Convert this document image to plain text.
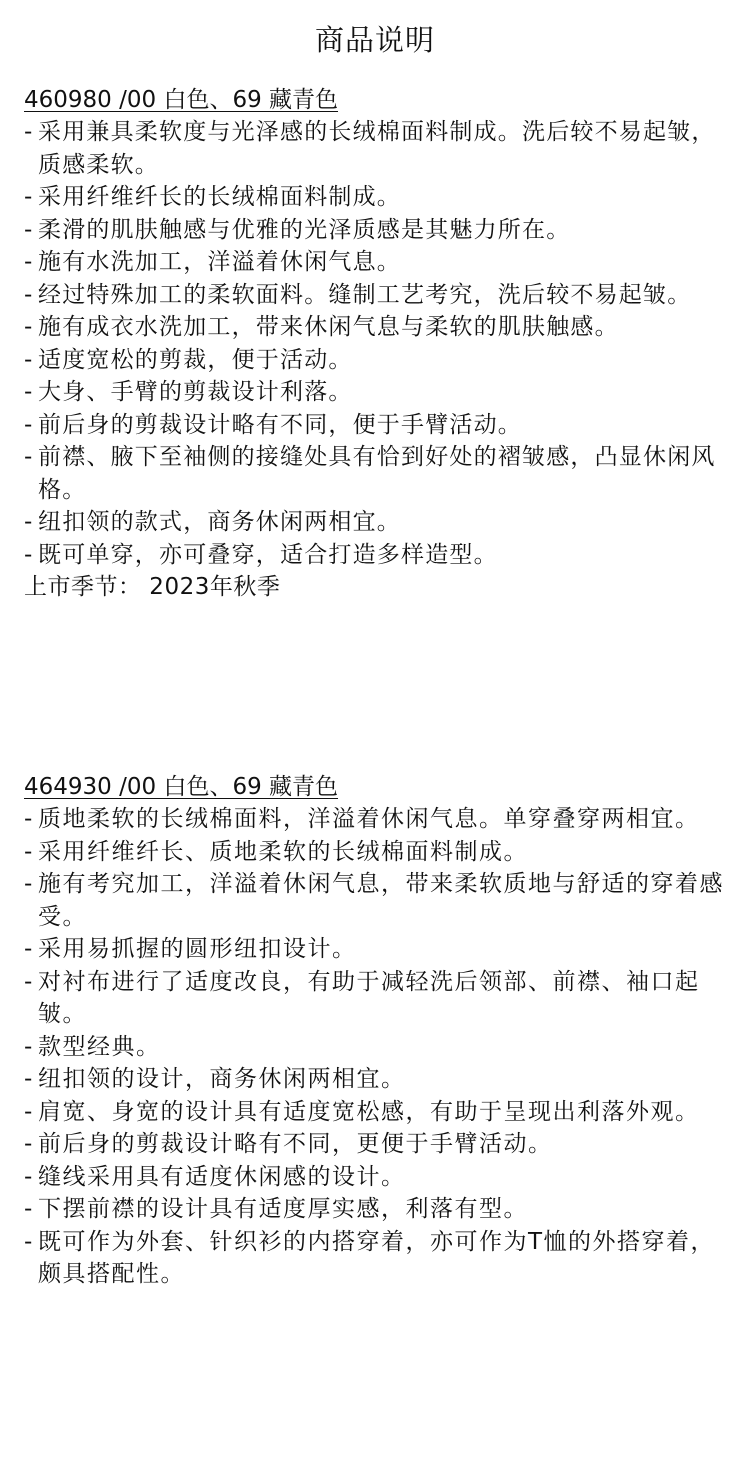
商品说明
460980 /00 白色、69 藏青色
- 采用兼具柔软度与光泽感的长绒棉面料制成。洗后较不易起皱，质感柔软。
- 采用纤维纤长的长绒棉面料制成。
- 柔滑的肌肤触感与优雅的光泽质感是其魅力所在。
- 施有水洗加工，洋溢着休闲气息。
- 经过特殊加工的柔软面料。缝制工艺考究，洗后较不易起皱。
- 施有成衣水洗加工，带来休闲气息与柔软的肌肤触感。
- 适度宽松的剪裁，便于活动。
- 大身、手臂的剪裁设计利落。
- 前后身的剪裁设计略有不同，便于手臂活动。
- 前襟、腋下至袖侧的接缝处具有恰到好处的褶皱感，凸显休闲风格。
- 纽扣领的款式，商务休闲两相宜。
- 既可单穿，亦可叠穿，适合打造多样造型。
上市季节： 2023年秋季
464930 /00 白色、69 藏青色
- 质地柔软的长绒棉面料，洋溢着休闲气息。单穿叠穿两相宜。
- 采用纤维纤长、质地柔软的长绒棉面料制成。
- 施有考究加工，洋溢着休闲气息，带来柔软质地与舒适的穿着感受。
- 采用易抓握的圆形纽扣设计。
- 对衬布进行了适度改良，有助于减轻洗后领部、前襟、袖口起皱。
- 款型经典。
- 纽扣领的设计，商务休闲两相宜。
- 肩宽、身宽的设计具有适度宽松感，有助于呈现出利落外观。
- 前后身的剪裁设计略有不同，更便于手臂活动。
- 缝线采用具有适度休闲感的设计。
- 下摆前襟的设计具有适度厚实感，利落有型。
- 既可作为外套、针织衫的内搭穿着，亦可作为T恤的外搭穿着，颇具搭配性。
